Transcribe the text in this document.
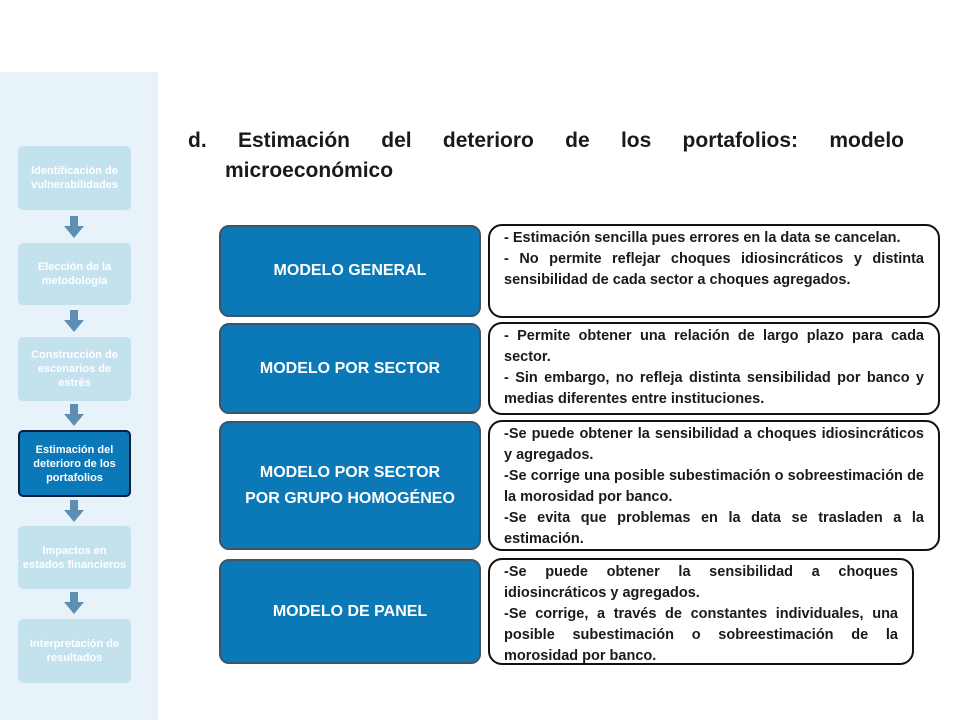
Identificación de vulnerabilidades
Elección de la metodología
Construcción de escenarios de estrés
Estimación del deterioro de los portafolios
Impactos en estados financieros
Interpretación de resultados
d. Estimación del deterioro de los portafolios: modelo
microeconómico
MODELO GENERAL
- Estimación sencilla pues errores en la data se cancelan.
- No permite reflejar choques idiosincráticos y distinta sensibilidad de cada sector a choques agregados.
MODELO POR SECTOR
- Permite obtener una relación de largo plazo para cada sector.
- Sin embargo, no refleja distinta sensibilidad por banco y medias diferentes entre instituciones.
MODELO POR SECTOR POR GRUPO HOMOGÉNEO
-Se puede obtener la sensibilidad a choques idiosincráticos y agregados.
-Se corrige una posible subestimación o sobreestimación de la morosidad por banco.
-Se evita que problemas en la data se trasladen a la estimación.
MODELO DE PANEL
-Se puede obtener la sensibilidad a choques idiosincráticos y agregados.
-Se corrige, a través de constantes individuales, una posible subestimación o sobreestimación de la morosidad por banco.
